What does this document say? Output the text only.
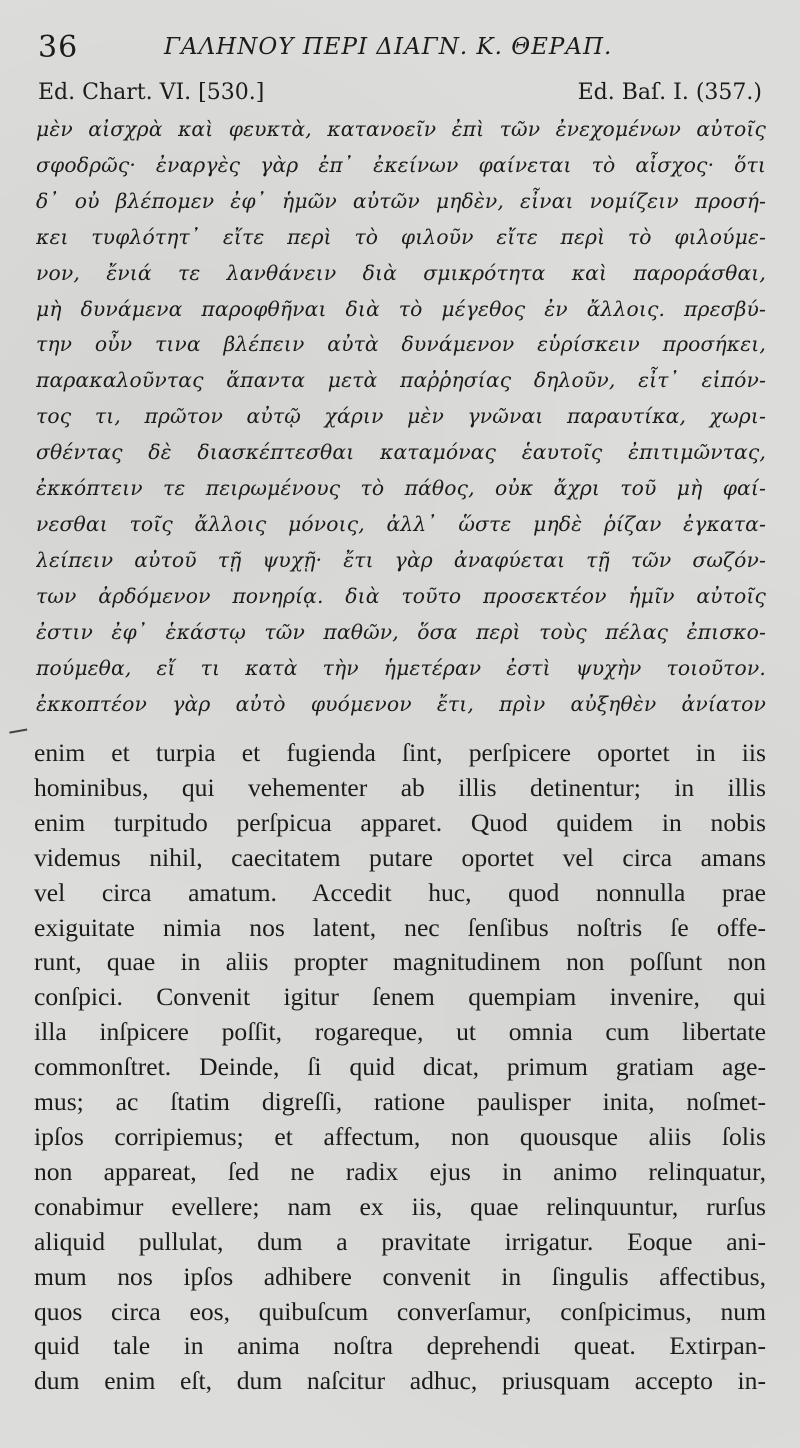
36	ΓΑΛΗΝΟΥ ΠΕΡΙ ΔΙΑΓΝ. Κ. ΘΕΡΑΠ.
Ed. Chart. VI. [530.]	Ed. Baſ. I. (357.)
μὲν αἰσχρὰ καὶ φευκτὰ, κατανοεῖν ἐπὶ τῶν ἐνεχομένων αὐτοῖς
σφοδρῶς· ἐναργὲς γὰρ ἐπ᾽ ἐκείνων φαίνεται τὸ αἶσχος· ὅτι
δ᾽ οὐ βλέπομεν ἐφ᾽ ἡμῶν αὐτῶν μηδὲν, εἶναι νομίζειν προσή-
κει τυφλότητ᾽ εἴτε περὶ τὸ φιλοῦν εἴτε περὶ τὸ φιλούμε-
νον, ἔνιά τε λανθάνειν διὰ σμικρότητα καὶ παροράσθαι,
μὴ δυνάμενα παροφθῆναι διὰ τὸ μέγεθος ἐν ἄλλοις. πρεσβύ-
την οὖν τινα βλέπειν αὐτὰ δυνάμενον εὑρίσκειν προσήκει,
παρακαλοῦντας ἅπαντα μετὰ παῤῥησίας δηλοῦν, εἶτ᾽ εἰπόν-
τος τι, πρῶτον αὐτῷ χάριν μὲν γνῶναι παραυτίκα, χωρι-
σθέντας δὲ διασκέπτεσθαι καταμόνας ἑαυτοῖς ἐπιτιμῶντας,
ἐκκόπτειν τε πειρωμένους τὸ πάθος, οὐκ ἄχρι τοῦ μὴ φαί-
νεσθαι τοῖς ἄλλοις μόνοις, ἀλλ᾽ ὥστε μηδὲ ῥίζαν ἐγκατα-
λείπειν αὐτοῦ τῇ ψυχῇ· ἔτι γὰρ ἀναφύεται τῇ τῶν σωζόν-
των ἀρδόμενον πονηρίᾳ. διὰ τοῦτο προσεκτέον ἡμῖν αὐτοῖς
ἐστιν ἐφ᾽ ἑκάστῳ τῶν παθῶν, ὅσα περὶ τοὺς πέλας ἐπισκο-
πούμεθα, εἴ τι κατὰ τὴν ἡμετέραν ἐστὶ ψυχὴν τοιοῦτον.
ἐκκοπτέον γὰρ αὐτὸ φυόμενον ἔτι, πρὶν αὐξηθὲν ἀνίατον
enim et turpia et fugienda ſint, perſpicere oportet in iis
hominibus, qui vehementer ab illis detinentur; in illis
enim turpitudo perſpicua apparet. Quod quidem in nobis
videmus nihil, caecitatem putare oportet vel circa amans
vel circa amatum. Accedit huc, quod nonnulla prae
exiguitate nimia nos latent, nec ſenſibus noſtris ſe offe-
runt, quae in aliis propter magnitudinem non poſſunt non
conſpici. Convenit igitur ſenem quempiam invenire, qui
illa inſpicere poſſit, rogareque, ut omnia cum libertate
commonſtret. Deinde, ſi quid dicat, primum gratiam age-
mus; ac ſtatim digreſſi, ratione paulisper inita, noſmet-
ipſos corripiemus; et affectum, non quousque aliis ſolis
non appareat, ſed ne radix ejus in animo relinquatur,
conabimur evellere; nam ex iis, quae relinquuntur, rurſus
aliquid pullulat, dum a pravitate irrigatur. Eoque ani-
mum nos ipſos adhibere convenit in ſingulis affectibus,
quos circa eos, quibuſcum converſamur, conſpicimus, num
quid tale in anima noſtra deprehendi queat. Extirpan-
dum enim eſt, dum naſcitur adhuc, priusquam accepto in-
